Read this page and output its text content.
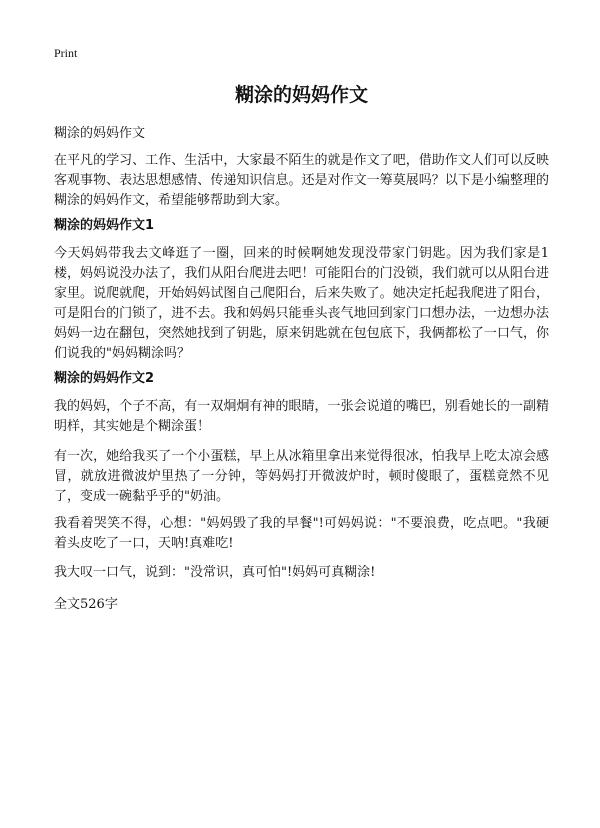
Print
糊涂的妈妈作文

糊涂的妈妈作文

在平凡的学习、工作、生活中，大家最不陌生的就是作文了吧，借助作文人们可以反映客观事物、表达思想感情、传递知识信息。还是对作文一筹莫展吗？以下是小编整理的糊涂的妈妈作文，希望能够帮助到大家。

糊涂的妈妈作文1

今天妈妈带我去文峰逛了一圈，回来的时候啊她发现没带家门钥匙。因为我们家是1楼，妈妈说没办法了，我们从阳台爬进去吧！可能阳台的门没锁，我们就可以从阳台进家里。说爬就爬，开始妈妈试图自己爬阳台，后来失败了。她决定托起我爬进了阳台，可是阳台的门锁了，进不去。我和妈妈只能垂头丧气地回到家门口想办法，一边想办法妈妈一边在翻包，突然她找到了钥匙，原来钥匙就在包包底下，我俩都松了一口气，你们说我的"妈妈糊涂吗？

糊涂的妈妈作文2

我的妈妈，个子不高，有一双炯炯有神的眼睛，一张会说道的嘴巴，别看她长的一副精明样，其实她是个糊涂蛋！

有一次，她给我买了一个小蛋糕，早上从冰箱里拿出来觉得很冰，怕我早上吃太凉会感冒，就放进微波炉里热了一分钟，等妈妈打开微波炉时，顿时傻眼了，蛋糕竟然不见了，变成一碗黏乎乎的"奶油。

我看着哭笑不得，心想："妈妈毁了我的早餐"!可妈妈说："不要浪费，吃点吧。"我硬着头皮吃了一口，天呐!真难吃!

我大叹一口气，说到："没常识，真可怕"!妈妈可真糊涂!

全文526字
